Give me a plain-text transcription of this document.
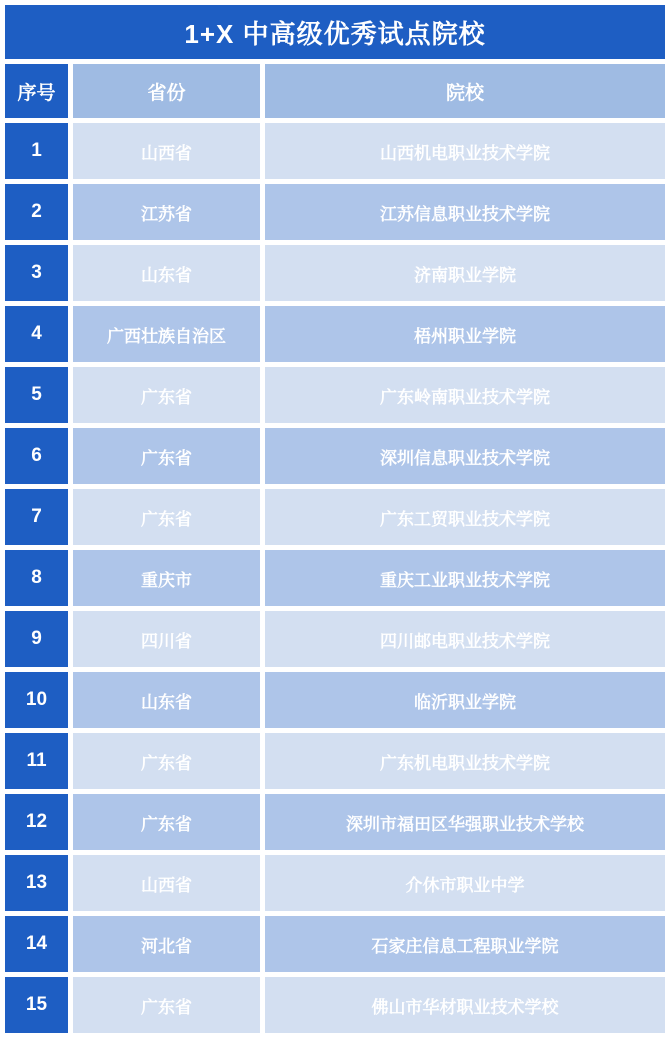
1+X 中高级优秀试点院校		
序号	省份	院校
1	山西省	山西机电职业技术学院
2	江苏省	江苏信息职业技术学院
3	山东省	济南职业学院
4	广西壮族自治区	梧州职业学院
5	广东省	广东岭南职业技术学院
6	广东省	深圳信息职业技术学院
7	广东省	广东工贸职业技术学院
8	重庆市	重庆工业职业技术学院
9	四川省	四川邮电职业技术学院
10	山东省	临沂职业学院
11	广东省	广东机电职业技术学院
12	广东省	深圳市福田区华强职业技术学校
13	山西省	介休市职业中学
14	河北省	石家庄信息工程职业学院
15	广东省	佛山市华材职业技术学校
